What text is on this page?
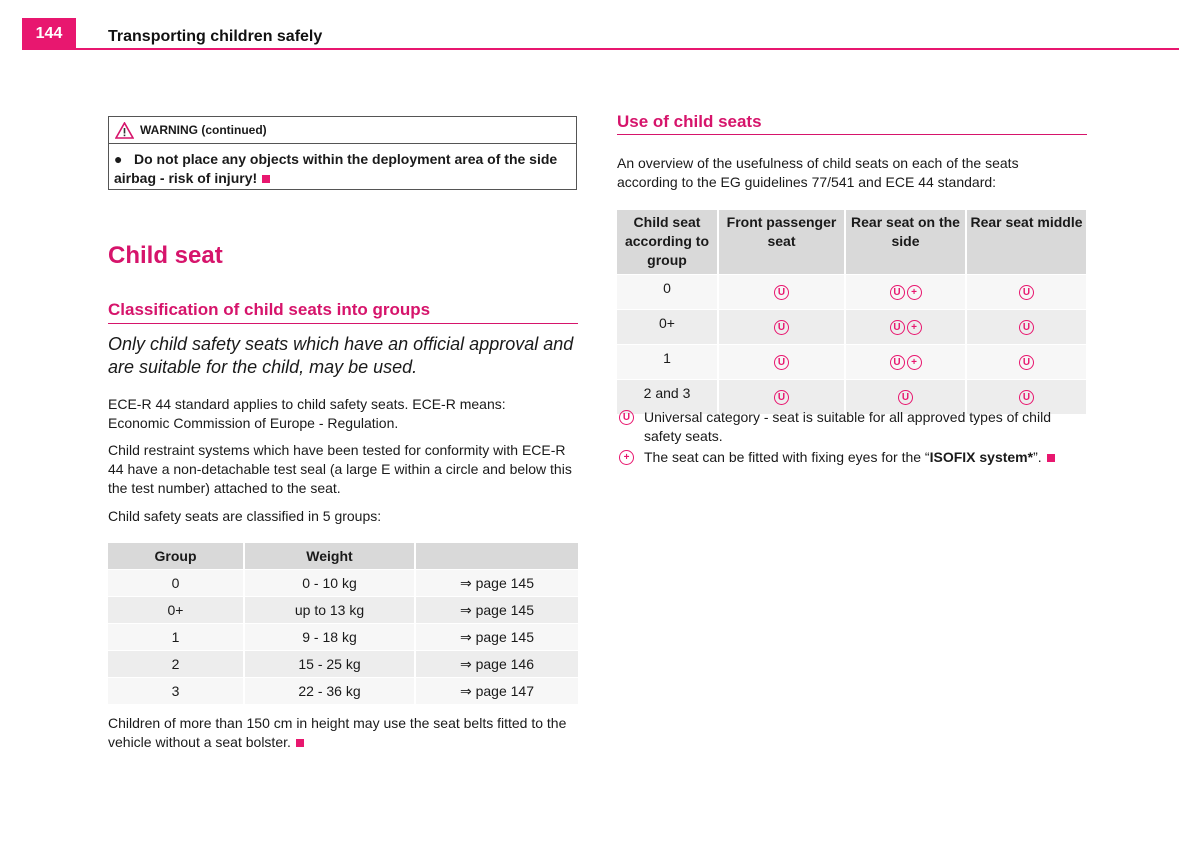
144	Transporting children safely
WARNING (continued)
● Do not place any objects within the deployment area of the side airbag - risk of injury!
Child seat
Classification of child seats into groups
Only child safety seats which have an official approval and are suitable for the child, may be used.
ECE-R 44 standard applies to child safety seats. ECE-R means: Economic Commission of Europe - Regulation.
Child restraint systems which have been tested for conformity with ECE-R 44 have a non-detachable test seal (a large E within a circle and below this the test number) attached to the seat.
Child safety seats are classified in 5 groups:
Group	Weight	
0	0 - 10 kg	⇒ page 145
0+	up to 13 kg	⇒ page 145
1	9 - 18 kg	⇒ page 145
2	15 - 25 kg	⇒ page 146
3	22 - 36 kg	⇒ page 147
Children of more than 150 cm in height may use the seat belts fitted to the vehicle without a seat bolster.
Use of child seats
An overview of the usefulness of child seats on each of the seats according to the EG guidelines 77/541 and ECE 44 standard:
Child seat according to group	Front passenger seat	Rear seat on the side	Rear seat middle
0	U	U +	U
0+	U	U +	U
1	U	U +	U
2 and 3	U	U	U
U Universal category - seat is suitable for all approved types of child safety seats.
+	The seat can be fitted with fixing eyes for the “ISOFIX system*”.
